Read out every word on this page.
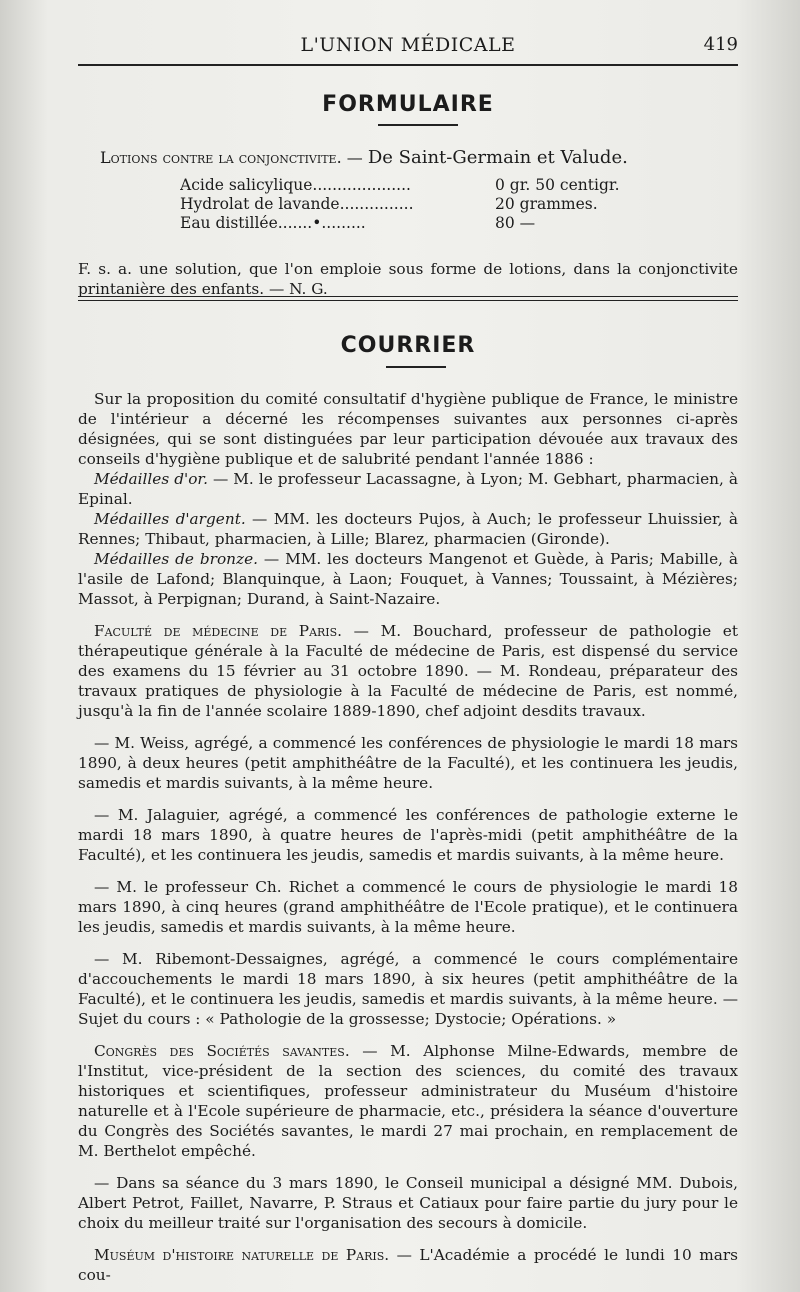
L'UNION MÉDICALE	419
FORMULAIRE
Lotions contre la conjonctivite. — De Saint-Germain et Valude.
Acide salicylique....................	0 gr. 50 centigr.
Hydrolat de lavande...............	20 grammes.
Eau distillée.......•.........	80 —

F. s. a. une solution, que l'on emploie sous forme de lotions, dans la conjonctivite printanière des enfants. — N. G.

COURRIER

Sur la proposition du comité consultatif d'hygiène publique de France, le ministre de l'intérieur a décerné les récompenses suivantes aux personnes ci-après désignées, qui se sont distinguées par leur participation dévouée aux travaux des conseils d'hygiène publique et de salubrité pendant l'année 1886 :

Médailles d'or. — M. le professeur Lacassagne, à Lyon; M. Gebhart, pharmacien, à Epinal.

Médailles d'argent. — MM. les docteurs Pujos, à Auch; le professeur Lhuissier, à Rennes; Thibaut, pharmacien, à Lille; Blarez, pharmacien (Gironde).

Médailles de bronze. — MM. les docteurs Mangenot et Guède, à Paris; Mabille, à l'asile de Lafond; Blanquinque, à Laon; Fouquet, à Vannes; Toussaint, à Mézières; Massot, à Perpignan; Durand, à Saint-Nazaire.

Faculté de médecine de Paris. — M. Bouchard, professeur de pathologie et thérapeutique générale à la Faculté de médecine de Paris, est dispensé du service des examens du 15 février au 31 octobre 1890. — M. Rondeau, préparateur des travaux pratiques de physiologie à la Faculté de médecine de Paris, est nommé, jusqu'à la fin de l'année scolaire 1889-1890, chef adjoint desdits travaux.

— M. Weiss, agrégé, a commencé les conférences de physiologie le mardi 18 mars 1890, à deux heures (petit amphithéâtre de la Faculté), et les continuera les jeudis, samedis et mardis suivants, à la même heure.

— M. Jalaguier, agrégé, a commencé les conférences de pathologie externe le mardi 18 mars 1890, à quatre heures de l'après-midi (petit amphithéâtre de la Faculté), et les continuera les jeudis, samedis et mardis suivants, à la même heure.

— M. le professeur Ch. Richet a commencé le cours de physiologie le mardi 18 mars 1890, à cinq heures (grand amphithéâtre de l'Ecole pratique), et le continuera les jeudis, samedis et mardis suivants, à la même heure.

— M. Ribemont-Dessaignes, agrégé, a commencé le cours complémentaire d'accouchements le mardi 18 mars 1890, à six heures (petit amphithéâtre de la Faculté), et le continuera les jeudis, samedis et mardis suivants, à la même heure. — Sujet du cours : « Pathologie de la grossesse; Dystocie; Opérations. »

Congrès des Sociétés savantes. — M. Alphonse Milne-Edwards, membre de l'Institut, vice-président de la section des sciences, du comité des travaux historiques et scientifiques, professeur administrateur du Muséum d'histoire naturelle et à l'Ecole supérieure de pharmacie, etc., présidera la séance d'ouverture du Congrès des Sociétés savantes, le mardi 27 mai prochain, en remplacement de M. Berthelot empêché.

— Dans sa séance du 3 mars 1890, le Conseil municipal a désigné MM. Dubois, Albert Petrot, Faillet, Navarre, P. Straus et Catiaux pour faire partie du jury pour le choix du meilleur traité sur l'organisation des secours à domicile.

Muséum d'histoire naturelle de Paris. — L'Académie a procédé le lundi 10 mars cou-
